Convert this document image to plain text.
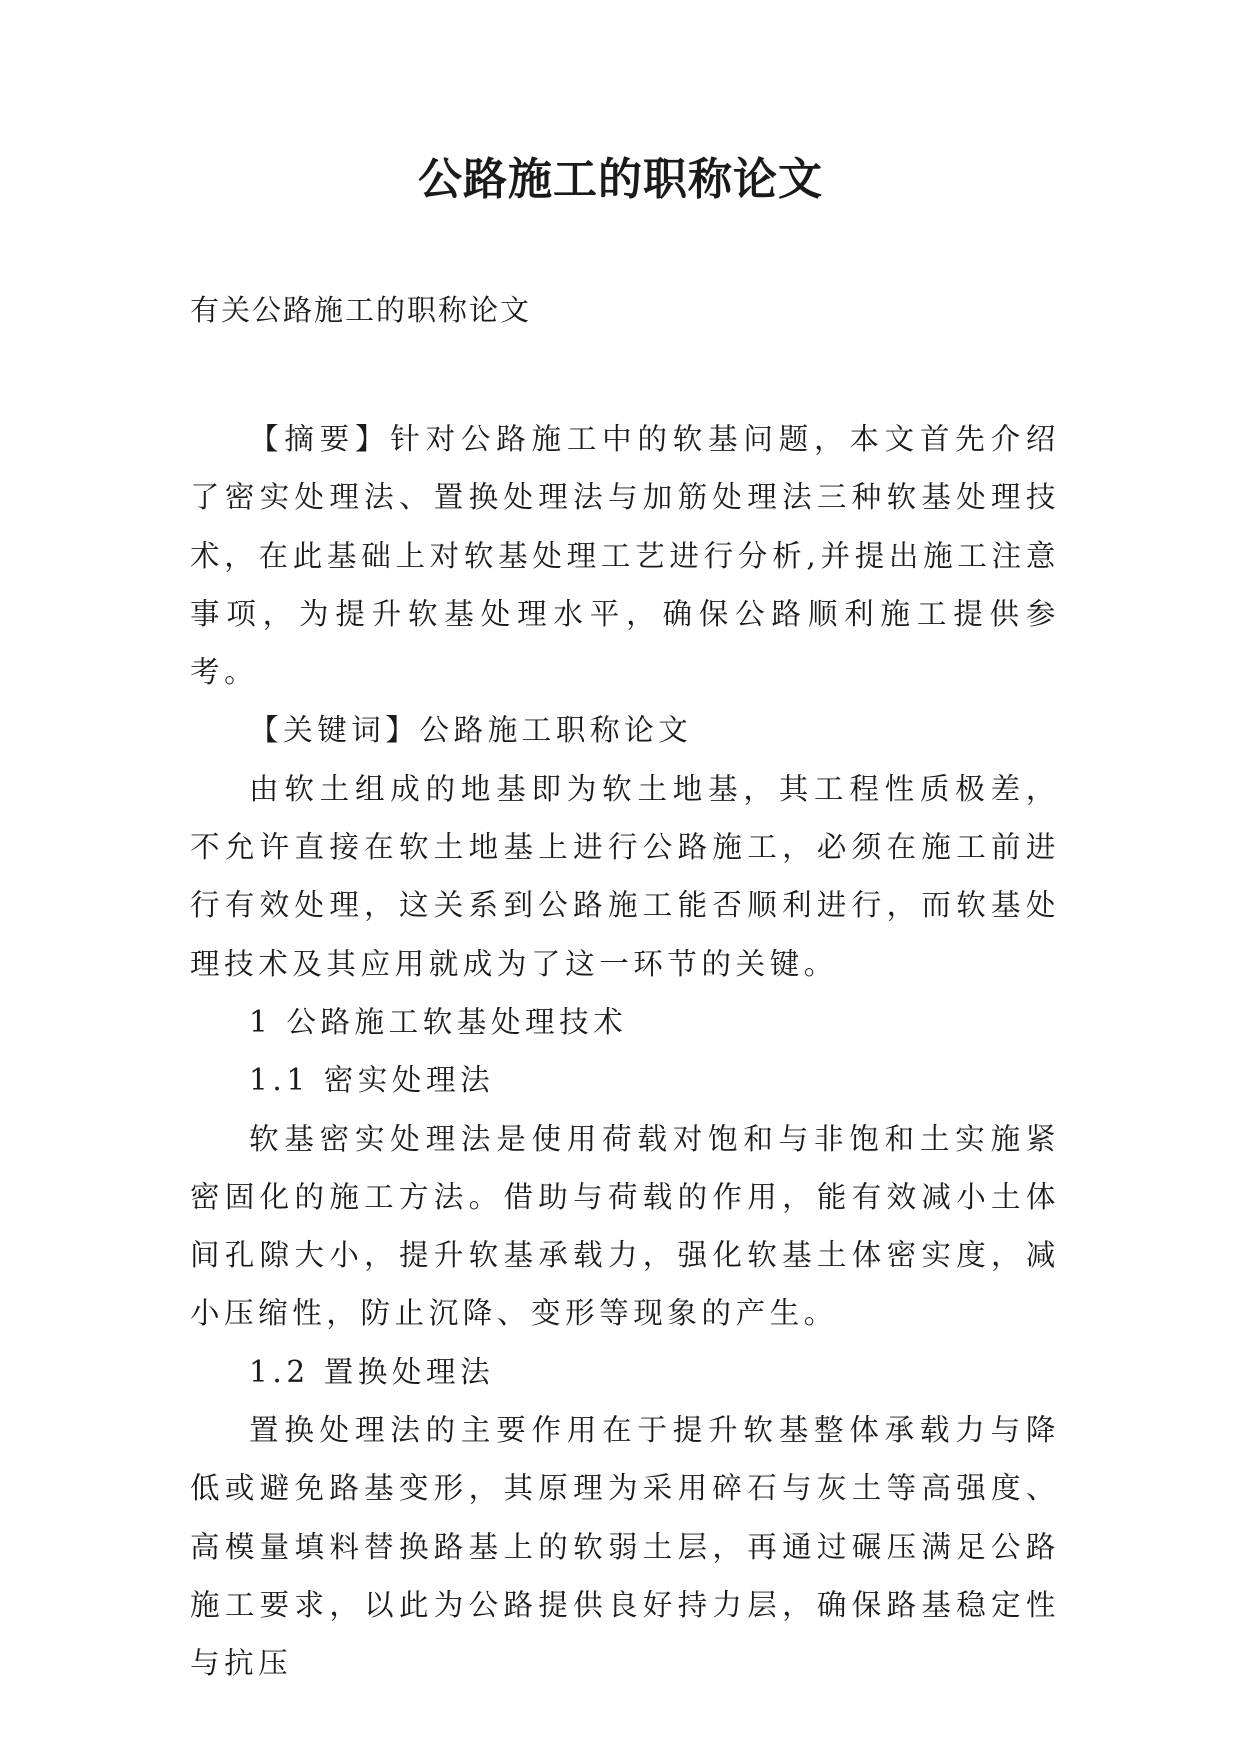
公路施工的职称论文

有关公路施工的职称论文

【摘要】针对公路施工中的软基问题，本文首先介绍了密实处理法、置换处理法与加筋处理法三种软基处理技术，在此基础上对软基处理工艺进行分析,并提出施工注意事项，为提升软基处理水平，确保公路顺利施工提供参考。

【关键词】公路施工职称论文

由软土组成的地基即为软土地基，其工程性质极差，不允许直接在软土地基上进行公路施工，必须在施工前进行有效处理，这关系到公路施工能否顺利进行，而软基处理技术及其应用就成为了这一环节的关键。

1 公路施工软基处理技术

1.1 密实处理法

软基密实处理法是使用荷载对饱和与非饱和土实施紧密固化的施工方法。借助与荷载的作用，能有效减小土体间孔隙大小，提升软基承载力，强化软基土体密实度，减小压缩性，防止沉降、变形等现象的产生。

1.2 置换处理法

置换处理法的主要作用在于提升软基整体承载力与降低或避免路基变形，其原理为采用碎石与灰土等高强度、高模量填料替换路基上的软弱土层，再通过碾压满足公路施工要求，以此为公路提供良好持力层，确保路基稳定性与抗压
